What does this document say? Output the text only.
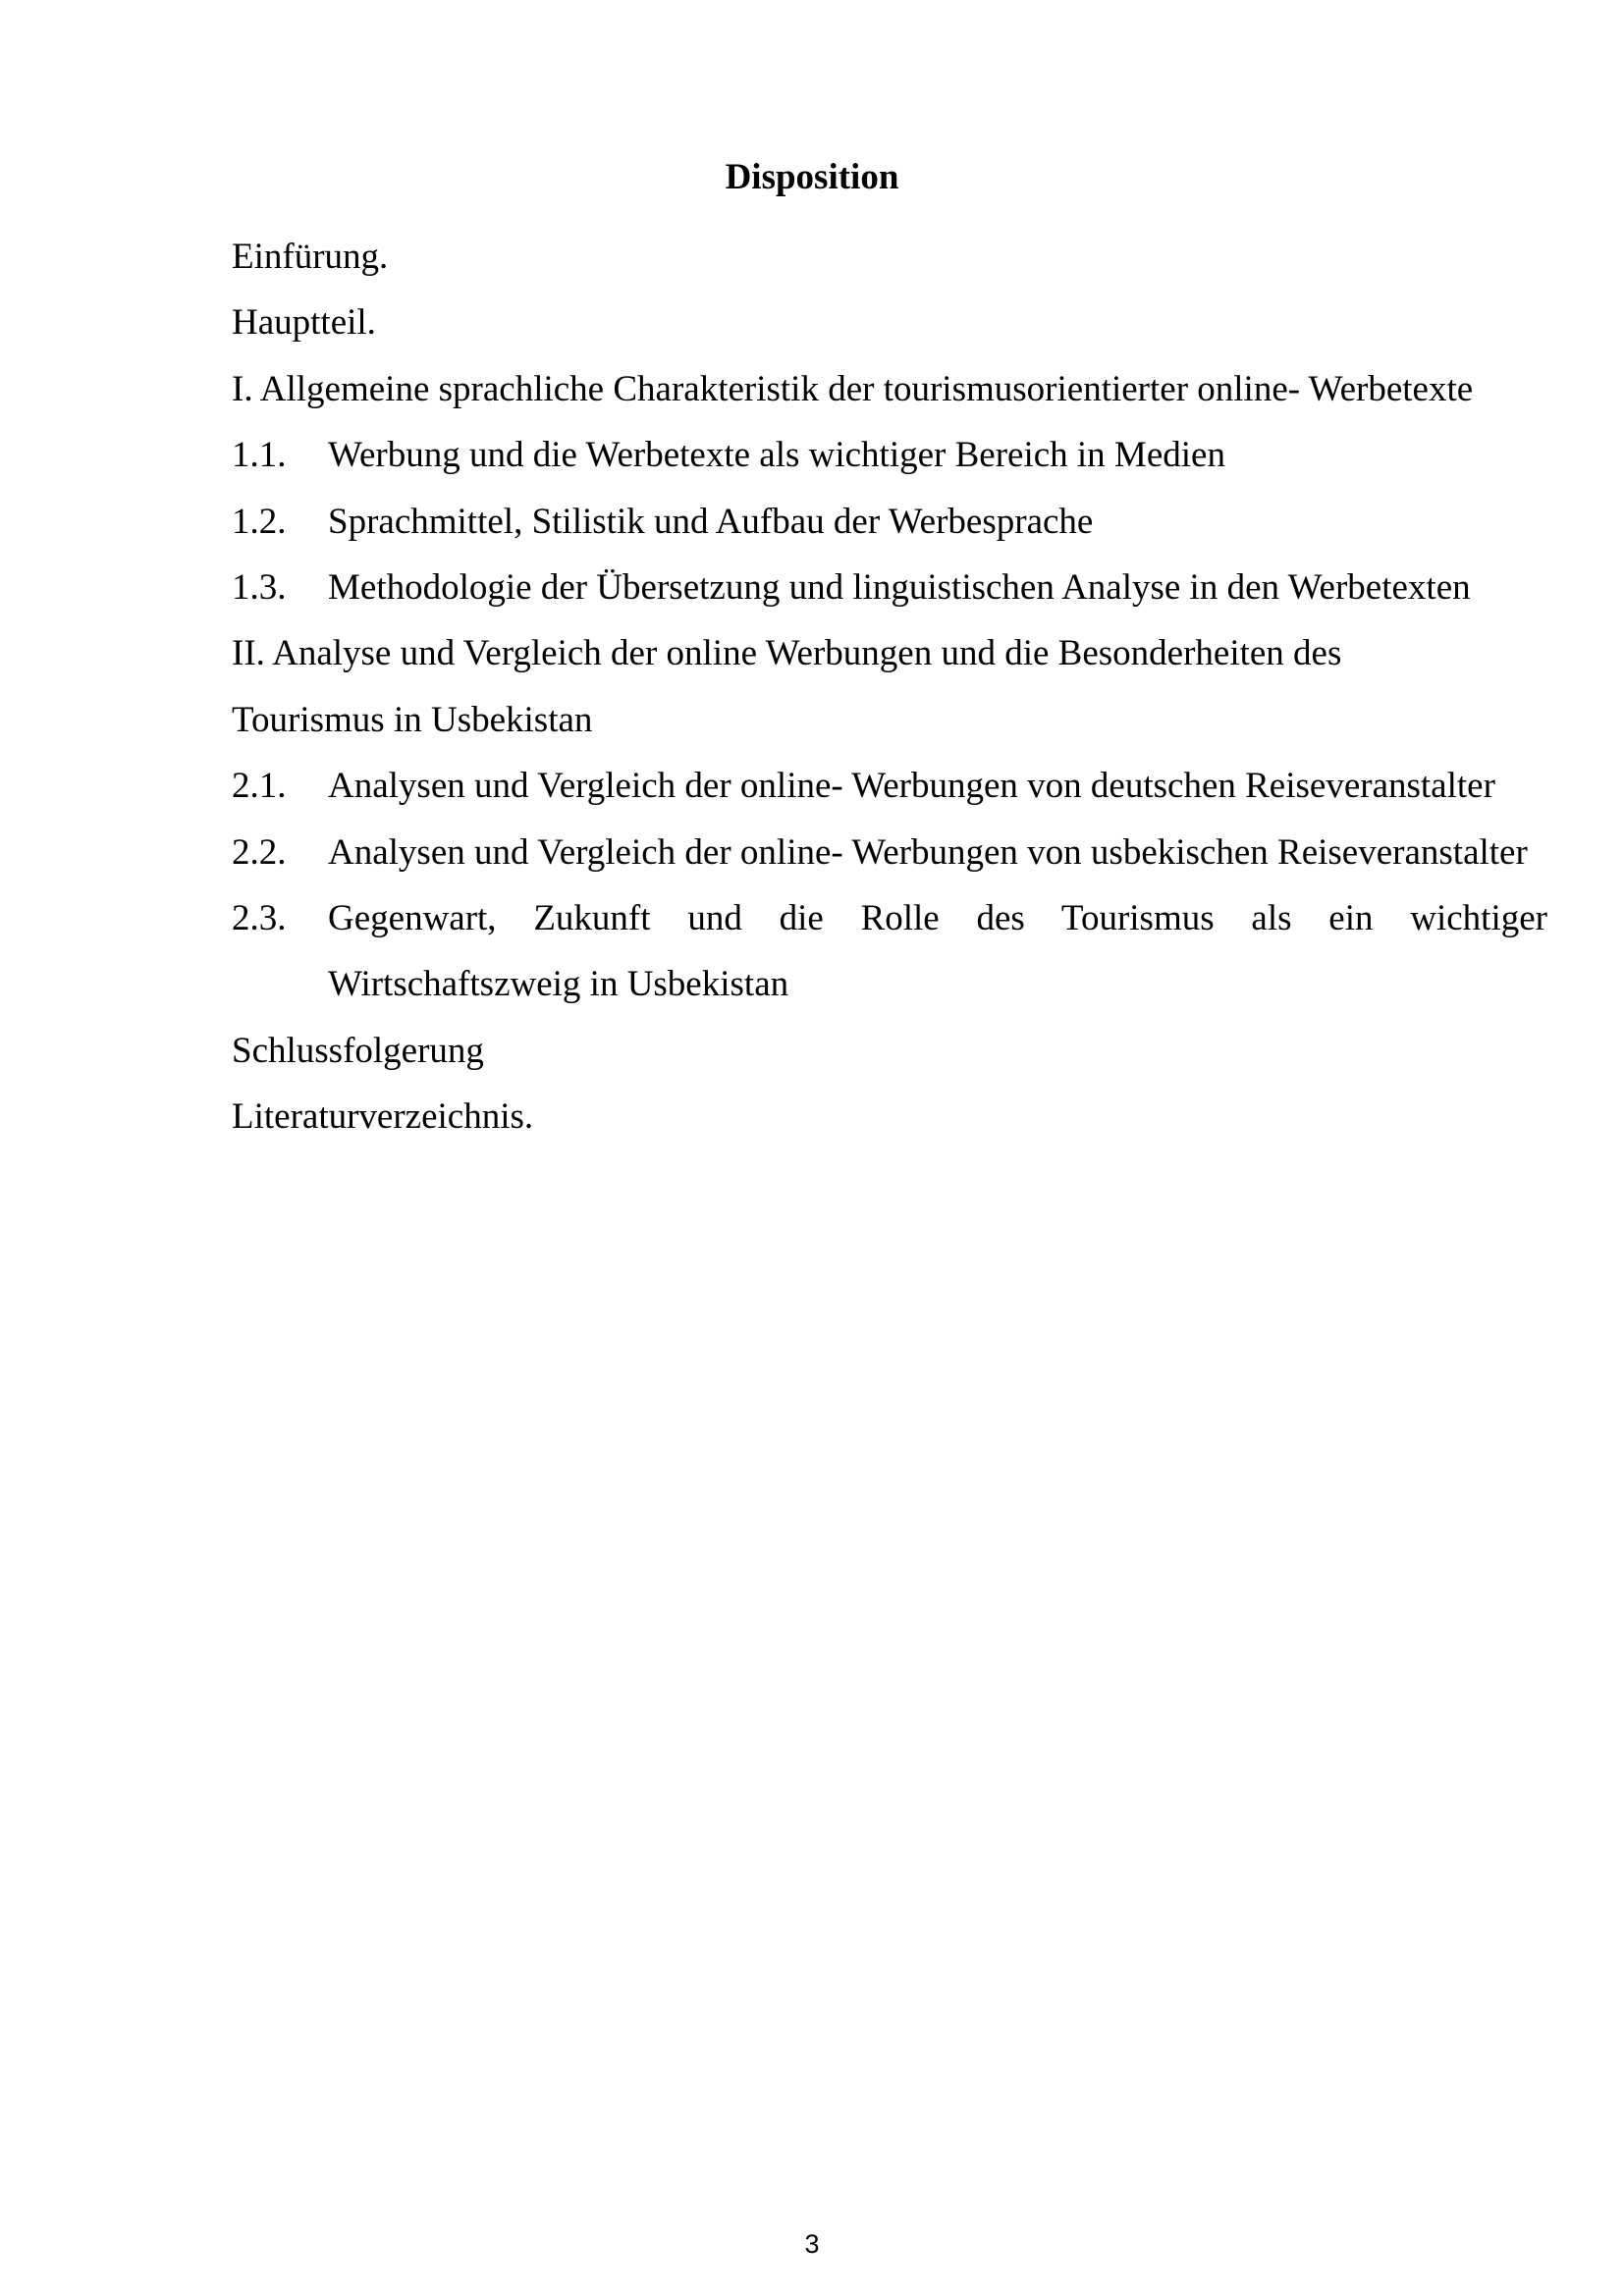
Disposition
Einfürung.
Hauptteil.
I. Allgemeine sprachliche Charakteristik der tourismusorientierter online- Werbetexte
1.1.	Werbung und die Werbetexte als wichtiger Bereich in Medien
1.2.	Sprachmittel, Stilistik und Aufbau der Werbesprache
1.3.	Methodologie der Übersetzung und linguistischen Analyse in den Werbetexten
II. Analyse und Vergleich der online Werbungen und die Besonderheiten des
Tourismus in Usbekistan
2.1.	Analysen und Vergleich der online- Werbungen von deutschen Reiseveranstalter
2.2.	Analysen und Vergleich der online- Werbungen von usbekischen Reiseveranstalter
2.3.	Gegenwart, Zukunft und die Rolle des Tourismus als ein wichtiger Wirtschaftszweig in Usbekistan
Schlussfolgerung
Literaturverzeichnis.
3
